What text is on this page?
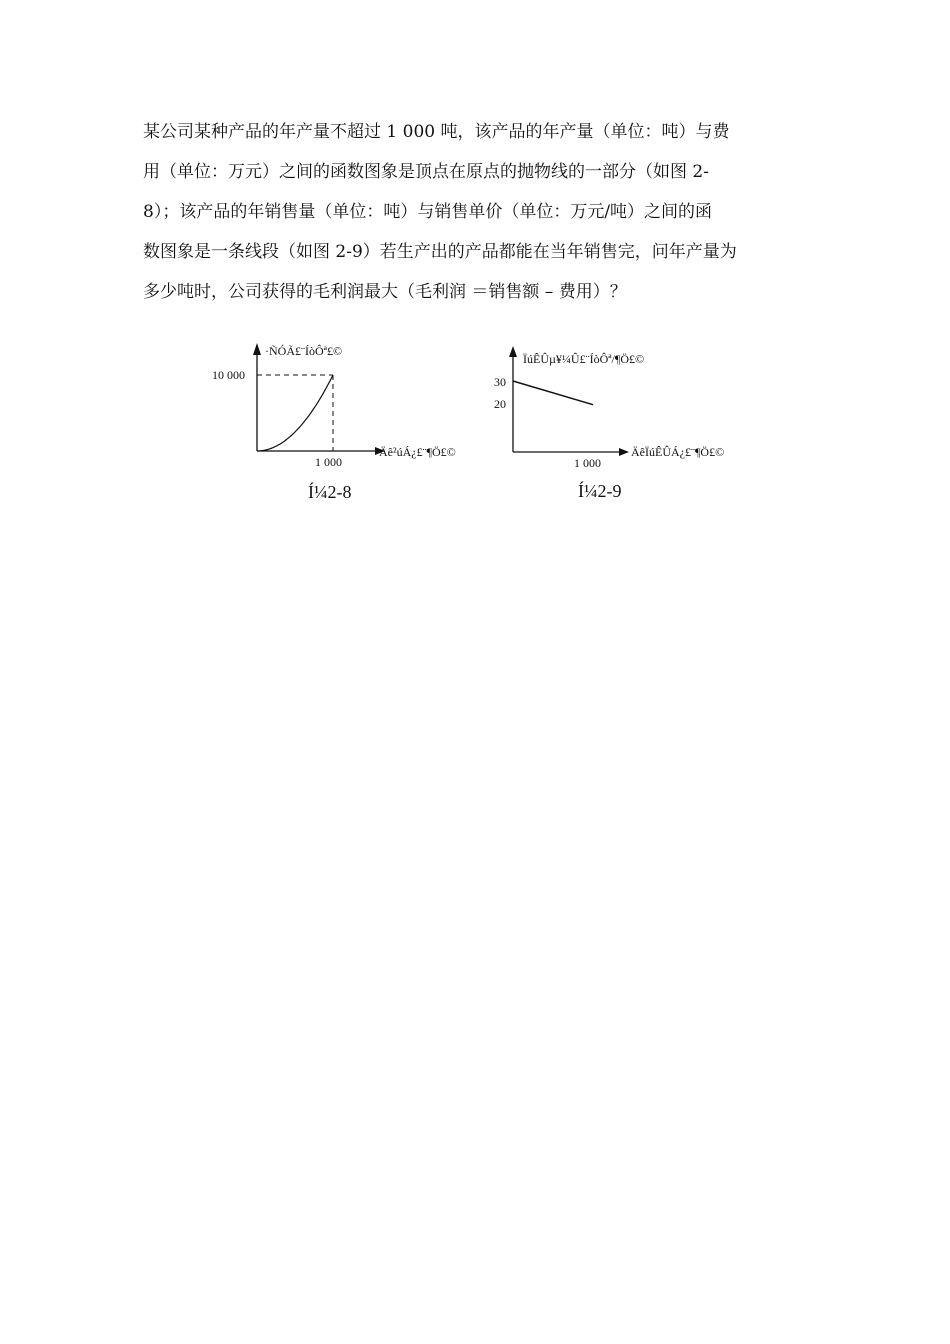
某公司某种产品的年产量不超过 1 000 吨，该产品的年产量（单位：吨）与费
用（单位：万元）之间的函数图象是顶点在原点的抛物线的一部分（如图 2-
8）；该产品的年销售量（单位：吨）与销售单价（单位：万元/吨）之间的函
数图象是一条线段（如图 2-9）若生产出的产品都能在当年销售完，问年产量为
多少吨时，公司获得的毛利润最大（毛利润 ＝销售额 – 费用）？

·ÑÓÃ£¨ÍòÔª£©
10 000
1 000
Äê²úÁ¿£¨¶Ö£©
Í¼2-8
ÏúÊÛµ¥¼Û£¨ÍòÔª/¶Ö£©
30
20
1 000
ÄêÏúÊÛÁ¿£¨¶Ö£©
Í¼2-9
